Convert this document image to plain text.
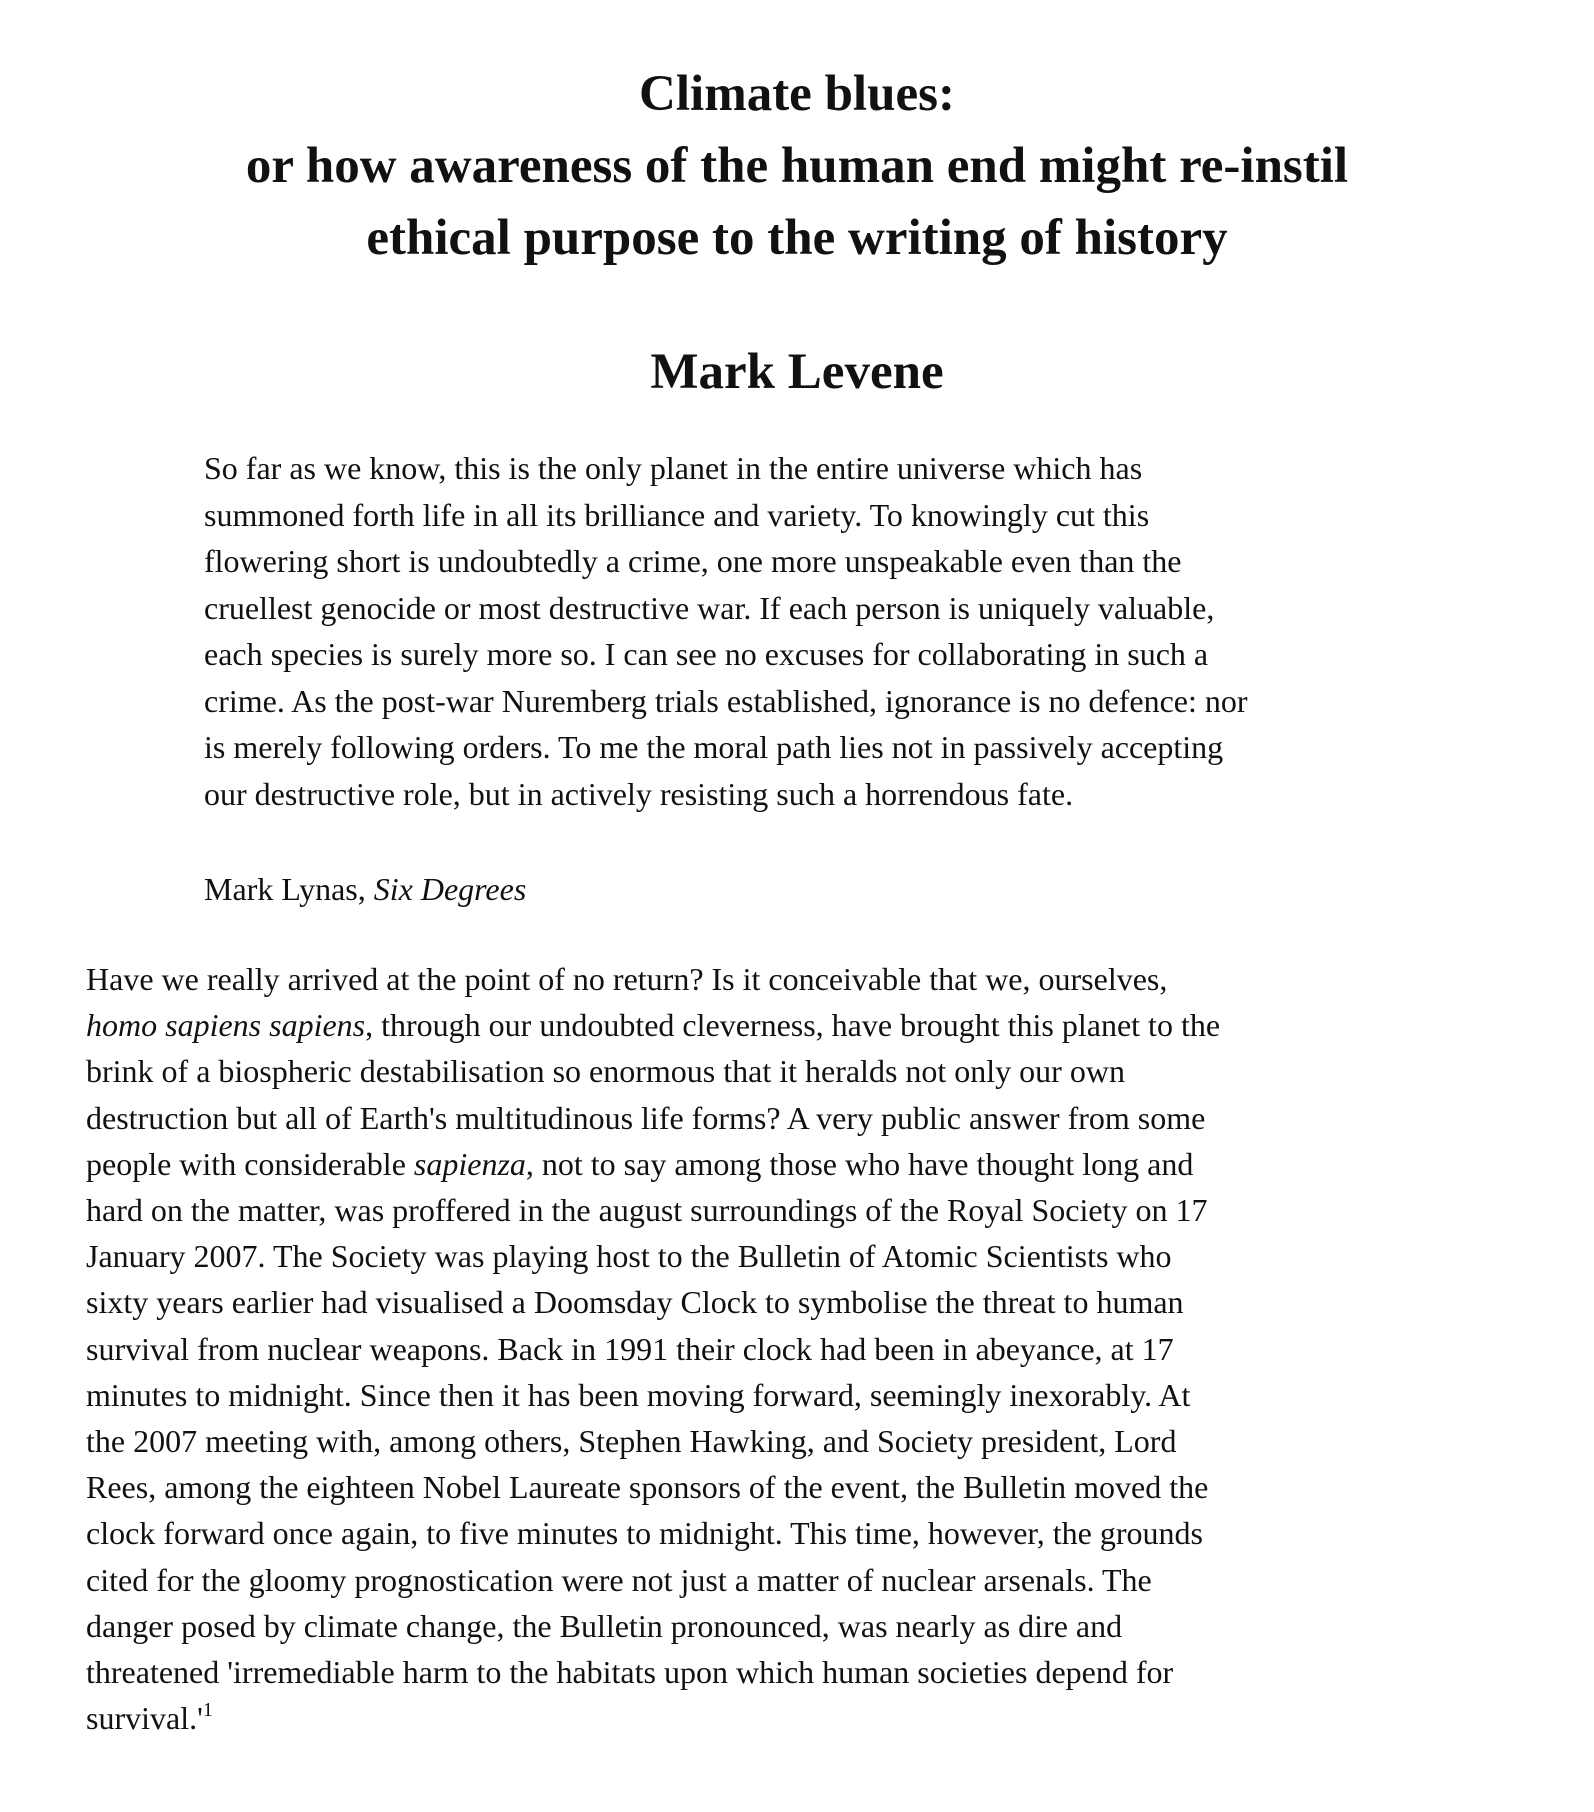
Climate blues:
or how awareness of the human end might re-instil
ethical purpose to the writing of history
Mark Levene
So far as we know, this is the only planet in the entire universe which has
summoned forth life in all its brilliance and variety. To knowingly cut this
flowering short is undoubtedly a crime, one more unspeakable even than the
cruellest genocide or most destructive war. If each person is uniquely valuable,
each species is surely more so. I can see no excuses for collaborating in such a
crime. As the post-war Nuremberg trials established, ignorance is no defence: nor
is merely following orders. To me the moral path lies not in passively accepting
our destructive role, but in actively resisting such a horrendous fate.

Mark Lynas, Six Degrees

Have we really arrived at the point of no return? Is it conceivable that we, ourselves,
homo sapiens sapiens, through our undoubted cleverness, have brought this planet to the
brink of a biospheric destabilisation so enormous that it heralds not only our own
destruction but all of Earth's multitudinous life forms? A very public answer from some
people with considerable sapienza, not to say among those who have thought long and
hard on the matter, was proffered in the august surroundings of the Royal Society on 17
January 2007. The Society was playing host to the Bulletin of Atomic Scientists who
sixty years earlier had visualised a Doomsday Clock to symbolise the threat to human
survival from nuclear weapons. Back in 1991 their clock had been in abeyance, at 17
minutes to midnight. Since then it has been moving forward, seemingly inexorably. At
the 2007 meeting with, among others, Stephen Hawking, and Society president, Lord
Rees, among the eighteen Nobel Laureate sponsors of the event, the Bulletin moved the
clock forward once again, to five minutes to midnight. This time, however, the grounds
cited for the gloomy prognostication were not just a matter of nuclear arsenals. The
danger posed by climate change, the Bulletin pronounced, was nearly as dire and
threatened 'irremediable harm to the habitats upon which human societies depend for
$survival.'^1$
